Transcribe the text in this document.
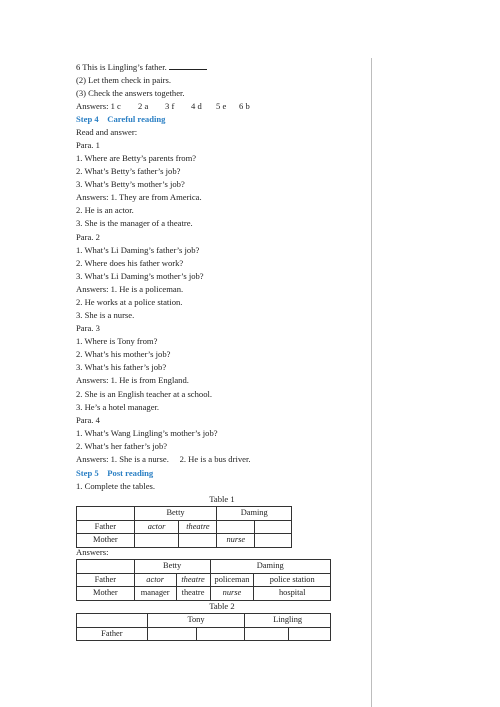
6 This is Lingling’s father.
(2) Let them check in pairs.
(3) Check the answers together.
Answers: 1 c 2 a 3 f 4 d 5 e 6 b
Step 4    Careful reading
Read and answer:
Para. 1
1. Where are Betty’s parents from?
2. What’s Betty’s father’s job?
3. What’s Betty’s mother’s job?
Answers: 1. They are from America.
2. He is an actor.
3. She is the manager of a theatre.
Para. 2
1. What’s Li Daming’s father’s job?
2. Where does his father work?
3. What’s Li Daming’s mother’s job?
Answers: 1. He is a policeman.
2. He works at a police station.
3. She is a nurse.
Para. 3
1. Where is Tony from?
2. What’s his mother’s job?
3. What’s his father’s job?
Answers: 1. He is from England.
2. She is an English teacher at a school.
3. He’s a hotel manager.
Para. 4
1. What’s Wang Lingling’s mother’s job?
2. What’s her father’s job?
Answers: 1. She is a nurse.     2. He is a bus driver.
Step 5    Post reading
1. Complete the tables.
Table 1
	Betty		Daming	
Father	actor	theatre		
Mother			nurse	
Answers:
	Betty		Daming	
Father	actor	theatre	policeman	police station
Mother	manager	theatre	nurse	hospital
Table 2
	Tony		Lingling	
Father				
